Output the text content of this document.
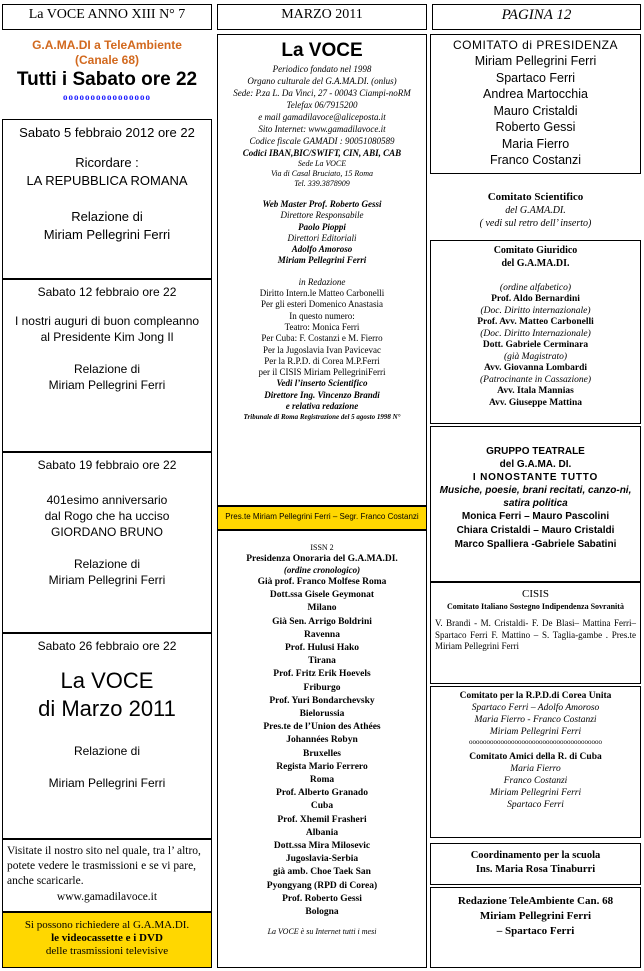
La VOCE ANNO XIII N° 7	MARZO 2011	PAGINA 12
G.A.MA.DI a TeleAmbiente
(Canale 68)
Tutti i Sabato ore 22
oooooooooooooooo
Sabato 5 febbraio 2012 ore 22
Ricordare :
LA REPUBBLICA ROMANA
Relazione di
Miriam Pellegrini Ferri
Sabato 12 febbraio ore 22
I nostri auguri di buon compleanno
al Presidente Kim Jong Il
Relazione di
Miriam Pellegrini Ferri
Sabato 19 febbraio ore 22
401esimo anniversario
dal Rogo che ha ucciso
GIORDANO BRUNO
Relazione di
Miriam Pellegrini Ferri
Sabato 26 febbraio ore 22
La VOCE
di Marzo 2011
Relazione di
Miriam Pellegrini Ferri
Visitate il nostro sito nel quale, tra l’ altro, potete vedere le trasmissioni e se vi pare, anche scaricarle.
www.gamadilavoce.it
Si possono richiedere al G.A.MA.DI.
le videocassette e i DVD
delle trasmissioni televisive
La VOCE
Periodico fondato nel 1998
Organo culturale del G.A.MA.DI. (onlus)
Sede: P.za L. Da Vinci, 27 - 00043 Ciampi-noRM
Telefax 06/7915200
e mail gamadilavoce@aliceposta.it
Sito Internet: www.gamadilavoce.it
Codice fiscale GAMADI : 90051080589
Codici IBAN,BIC/SWIFT, CIN, ABI, CAB
Sede La VOCE
Via di Casal Bruciato, 15 Roma
Tel. 339.3878909
Web Master Prof. Roberto Gessi
Direttore Responsabile
Paolo Pioppi
Direttori Editoriali
Adolfo Amoroso
Miriam Pellegrini Ferri
in Redazione
Diritto Intern.le Matteo Carbonelli
Per gli esteri Domenico Anastasia
In questo numero:
Teatro: Monica Ferri
Per Cuba: F. Costanzi e M. Fierro
Per la Jugoslavia Ivan Pavicevac
Per la R.P.D. di Corea M.P.Ferri
per il CISIS Miriam PellegriniFerri
Vedi l’inserto Scientifico
Direttore Ing. Vincenzo Brandi
e relativa redazione
Tribunale di Roma Registrazione del 5 agosto 1998 N°
Pres.te Miriam Pellegrini Ferri – Segr. Franco Costanzi
ISSN 2
Presidenza Onoraria del G.A.MA.DI.
(ordine cronologico)
Già prof. Franco Molfese Roma
Dott.ssa Gisele Geymonat
Milano
Già Sen. Arrigo Boldrini
Ravenna
Prof. Hulusi Hako
Tirana
Prof. Fritz Erik Hoevels
Friburgo
Prof. Yuri Bondarchevsky
Bielorussia
Pres.te de l’Union des Athées
Johannées Robyn
Bruxelles
Regista Mario Ferrero
Roma
Prof. Alberto Granado
Cuba
Prof. Xhemil Frasheri
Albania
Dott.ssa Mira Milosevic
Jugoslavia-Serbia
già amb. Choe Taek San
Pyongyang (RPD di Corea)
Prof. Roberto Gessi
Bologna
La VOCE è su Internet tutti i mesi
COMITATO di PRESIDENZA
Miriam Pellegrini Ferri
Spartaco Ferri
Andrea Martocchia
Mauro Cristaldi
Roberto Gessi
Maria Fierro
Franco Costanzi
Comitato Scientifico
del G.AMA.DI.
( vedi sul retro dell’ inserto)
Comitato Giuridico
del G.A.MA.DI.
(ordine alfabetico)
Prof. Aldo Bernardini
(Doc. Diritto internazionale)
Prof. Avv. Matteo Carbonelli
(Doc. Diritto Internazionale)
Dott. Gabriele Cerminara
(già Magistrato)
Avv. Giovanna Lombardi
(Patrocinante in Cassazione)
Avv. Itala Mannias
Avv. Giuseppe Mattina
GRUPPO TEATRALE
del G.A.MA. DI.
I NONOSTANTE TUTTO
Musiche, poesie, brani recitati, canzo-ni, satira politica
Monica Ferri – Mauro Pascolini
Chiara Cristaldi – Mauro Cristaldi
Marco Spalliera -Gabriele Sabatini
CISIS
Comitato Italiano Sostegno Indipendenza Sovranità
V. Brandi - M. Cristaldi- F. De Blasi– Mattina Ferri– Spartaco Ferri F. Mattino – S. Taglia-gambe . Pres.te Miriam Pellegrini Ferri
Comitato per la R.P.D.di Corea Unita
Spartaco Ferri – Adolfo Amoroso
Maria Fierro - Franco Costanzi
Miriam Pellegrini Ferri
oooooooooooooooooooooooooooooooooooooo
Comitato Amici della R. di Cuba
Maria Fierro
Franco Costanzi
Miriam Pellegrini Ferri
Spartaco Ferri
Coordinamento per la scuola
Ins. Maria Rosa Tinaburri
Redazione TeleAmbiente Can. 68
Miriam Pellegrini Ferri
– Spartaco Ferri
